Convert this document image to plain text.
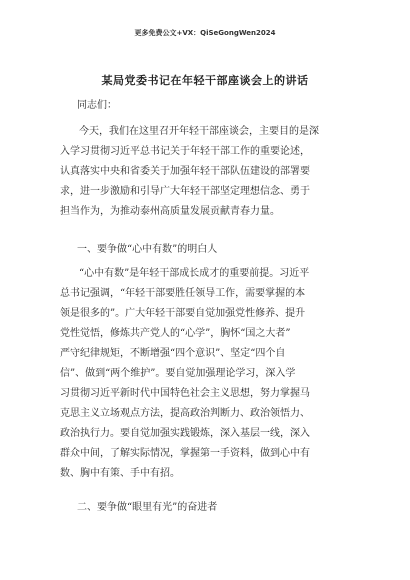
更多免费公文+VX：QiSeGongWen2024
某局党委书记在年轻干部座谈会上的讲话
同志们：
今天，我们在这里召开年轻干部座谈会，主要目的是深
入学习贯彻习近平总书记关于年轻干部工作的重要论述，
认真落实中央和省委关于加强年轻干部队伍建设的部署要
求，进一步激励和引导广大年轻干部坚定理想信念、勇于
担当作为，为推动泰州高质量发展贡献青春力量。
一、要争做“心中有数”的明白人
“心中有数”是年轻干部成长成才的重要前提。习近平
总书记强调，“年轻干部要胜任领导工作，需要掌握的本
领是很多的”。广大年轻干部要自觉加强党性修养、提升
党性觉悟，修炼共产党人的“心学”，胸怀“国之大者”
严守纪律规矩，不断增强“四个意识”、坚定“四个自
信”、做到“两个维护”。要自觉加强理论学习，深入学
习贯彻习近平新时代中国特色社会主义思想，努力掌握马
克思主义立场观点方法，提高政治判断力、政治领悟力、
政治执行力。要自觉加强实践锻炼，深入基层一线，深入
群众中间，了解实际情况，掌握第一手资料，做到心中有
数、胸中有策、手中有招。
二、要争做“眼里有光”的奋进者
